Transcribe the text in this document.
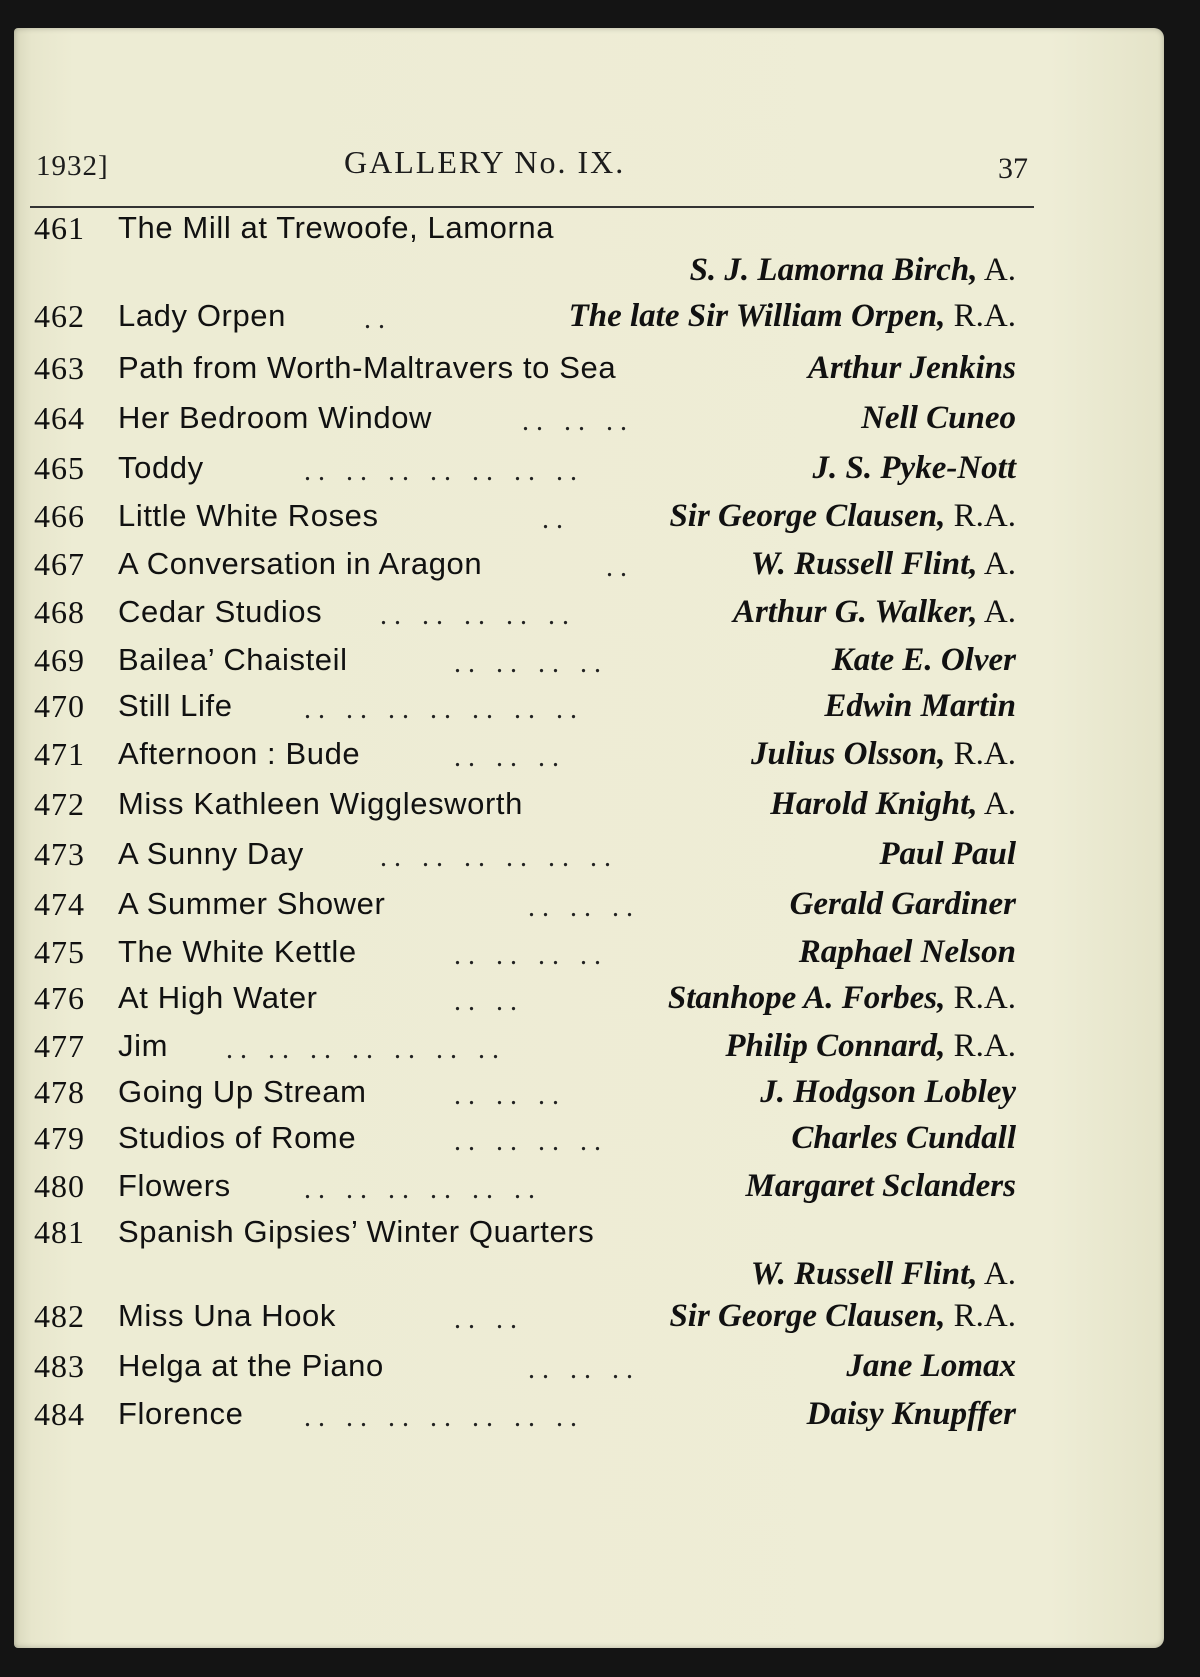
1932]	GALLERY No. IX.	37
461 The Mill at Trewoofe, Lamorna
S. J. Lamorna Birch, A.
462 Lady Orpen	..	The late Sir William Orpen, R.A.
463 Path from Worth-Maltravers to Sea	Arthur Jenkins
464 Her Bedroom Window	.. .. ..	Nell Cuneo
465 Toddy	.. .. .. .. .. .. ..	J. S. Pyke-Nott
466 Little White Roses	..	Sir George Clausen, R.A.
467 A Conversation in Aragon	..	W. Russell Flint, A.
468 Cedar Studios .. .. .. .. ..	Arthur G. Walker, A.
469 Bailea’ Chaisteil	.. .. .. ..	Kate E. Olver
470 Still Life	.. .. .. .. .. .. ..	Edwin Martin
471 Afternoon : Bude	.. .. ..	Julius Olsson, R.A.
472 Miss Kathleen Wigglesworth	Harold Knight, A.
473 A Sunny Day	.. .. .. .. .. ..	Paul Paul
474 A Summer Shower	.. .. ..	Gerald Gardiner
475 The White Kettle	.. .. .. ..	Raphael Nelson
476 At High Water	.. ..	Stanhope A. Forbes, R.A.
477 Jim .. .. .. .. .. .. ..	Philip Connard, R.A.
478 Going Up Stream	.. .. ..	J. Hodgson Lobley
479 Studios of Rome	.. .. .. ..	Charles Cundall
480 Flowers	.. .. .. .. .. ..	Margaret Sclanders
481 Spanish Gipsies’ Winter Quarters
W. Russell Flint, A.
482 Miss Una Hook	.. ..	Sir George Clausen, R.A.
483 Helga at the Piano	.. .. ..	Jane Lomax
484 Florence .. .. .. .. .. .. ..	Daisy Knupffer
